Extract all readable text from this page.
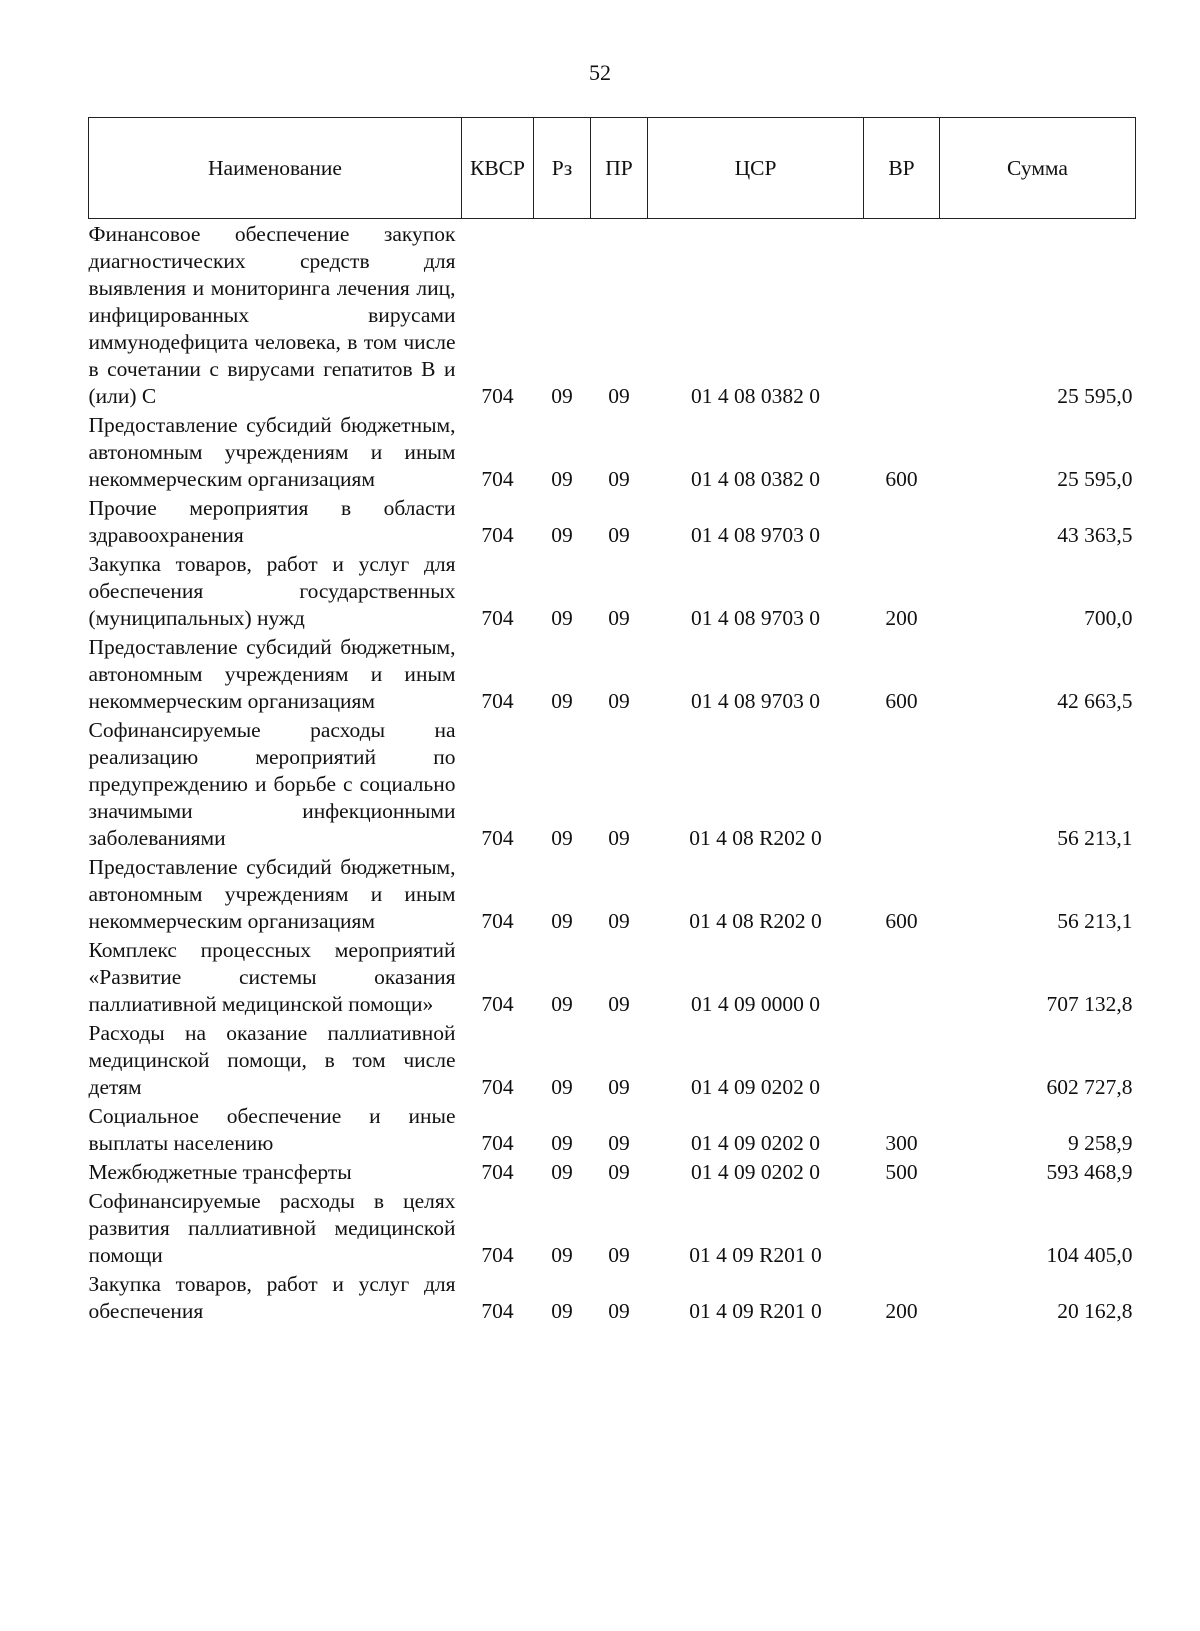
52
Наименование	КВСР	Рз	ПР	ЦСР	ВР	Сумма
Финансовое обеспечение закупок диагностических средств для выявления и мониторинга лечения лиц, инфицированных вирусами иммунодефицита человека, в том числе в сочетании с вирусами гепатитов В и (или) С	704	09	09	01 4 08 0382 0		25 595,0
Предоставление субсидий бюджетным, автономным учреждениям и иным некоммерческим организациям	704	09	09	01 4 08 0382 0	600	25 595,0
Прочие мероприятия в области здравоохранения	704	09	09	01 4 08 9703 0		43 363,5
Закупка товаров, работ и услуг для обеспечения государственных (муниципальных) нужд	704	09	09	01 4 08 9703 0	200	700,0
Предоставление субсидий бюджетным, автономным учреждениям и иным некоммерческим организациям	704	09	09	01 4 08 9703 0	600	42 663,5
Софинансируемые расходы на реализацию мероприятий по предупреждению и борьбе с социально значимыми инфекционными заболеваниями	704	09	09	01 4 08 R202 0		56 213,1
Предоставление субсидий бюджетным, автономным учреждениям и иным некоммерческим организациям	704	09	09	01 4 08 R202 0	600	56 213,1
Комплекс процессных мероприятий «Развитие системы оказания паллиативной медицинской помощи»	704	09	09	01 4 09 0000 0		707 132,8
Расходы на оказание паллиативной медицинской помощи, в том числе детям	704	09	09	01 4 09 0202 0		602 727,8
Социальное обеспечение и иные выплаты населению	704	09	09	01 4 09 0202 0	300	9 258,9
Межбюджетные трансферты	704	09	09	01 4 09 0202 0	500	593 468,9
Софинансируемые расходы в целях развития паллиативной медицинской помощи	704	09	09	01 4 09 R201 0		104 405,0
Закупка товаров, работ и услуг для обеспечения	704	09	09	01 4 09 R201 0	200	20 162,8
